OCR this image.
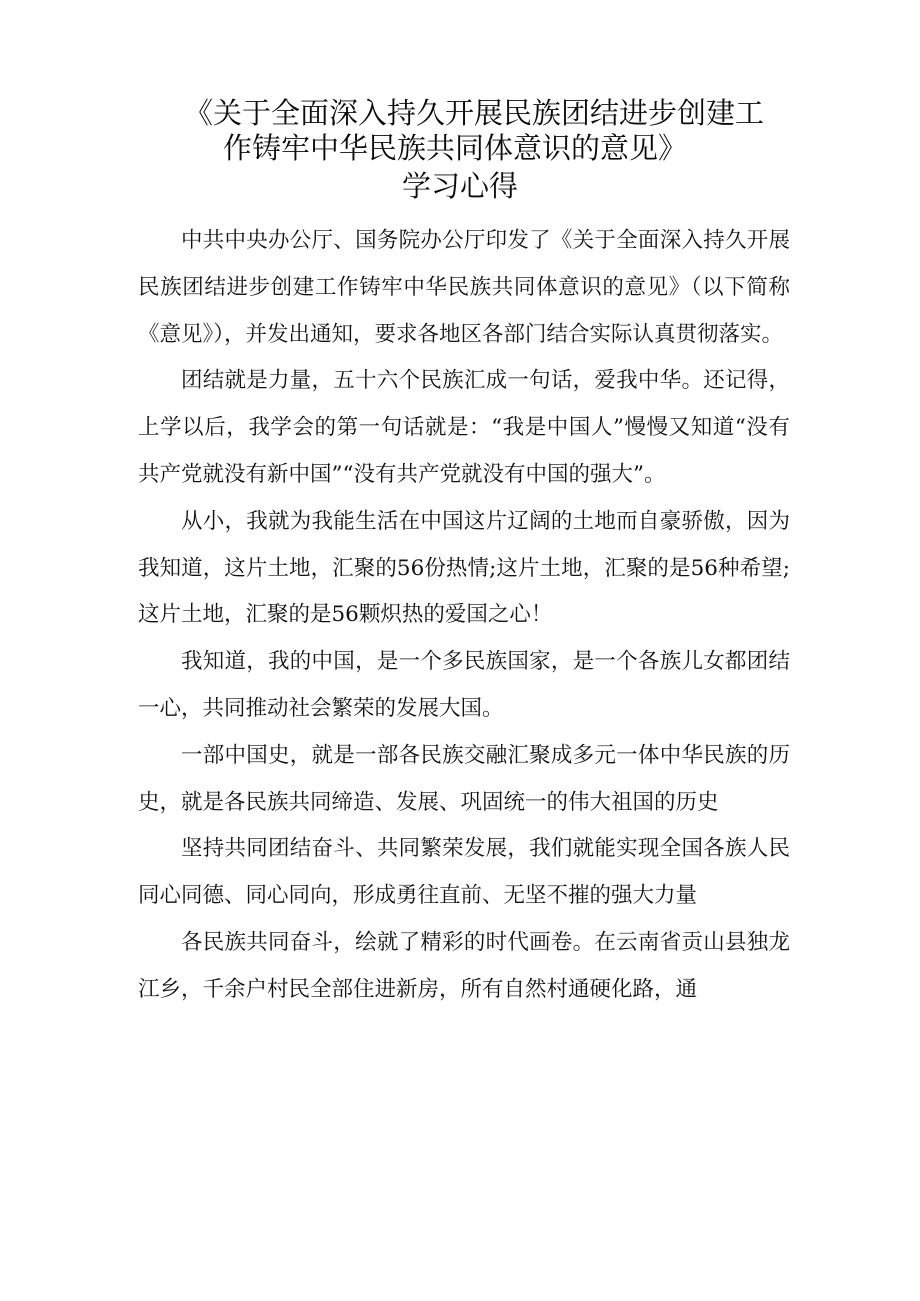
《关于全面深入持久开展民族团结进步创建工
作铸牢中华民族共同体意识的意见》
学习心得

中共中央办公厅、国务院办公厅印发了《关于全面深入持久开展民族团结进步创建工作铸牢中华民族共同体意识的意见》（以下简称《意见》），并发出通知，要求各地区各部门结合实际认真贯彻落实。

团结就是力量，五十六个民族汇成一句话，爱我中华。还记得，上学以后，我学会的第一句话就是：“我是中国人”慢慢又知道“没有共产党就没有新中国”“没有共产党就没有中国的强大”。

从小，我就为我能生活在中国这片辽阔的土地而自豪骄傲，因为我知道，这片土地，汇聚的56份热情;这片土地，汇聚的是56种希望;这片土地，汇聚的是56颗炽热的爱国之心！

我知道，我的中国，是一个多民族国家，是一个各族儿女都团结一心，共同推动社会繁荣的发展大国。

一部中国史，就是一部各民族交融汇聚成多元一体中华民族的历史，就是各民族共同缔造、发展、巩固统一的伟大祖国的历史

坚持共同团结奋斗、共同繁荣发展，我们就能实现全国各族人民同心同德、同心同向，形成勇往直前、无坚不摧的强大力量

各民族共同奋斗，绘就了精彩的时代画卷。在云南省贡山县独龙江乡，千余户村民全部住进新房，所有自然村通硬化路，通
